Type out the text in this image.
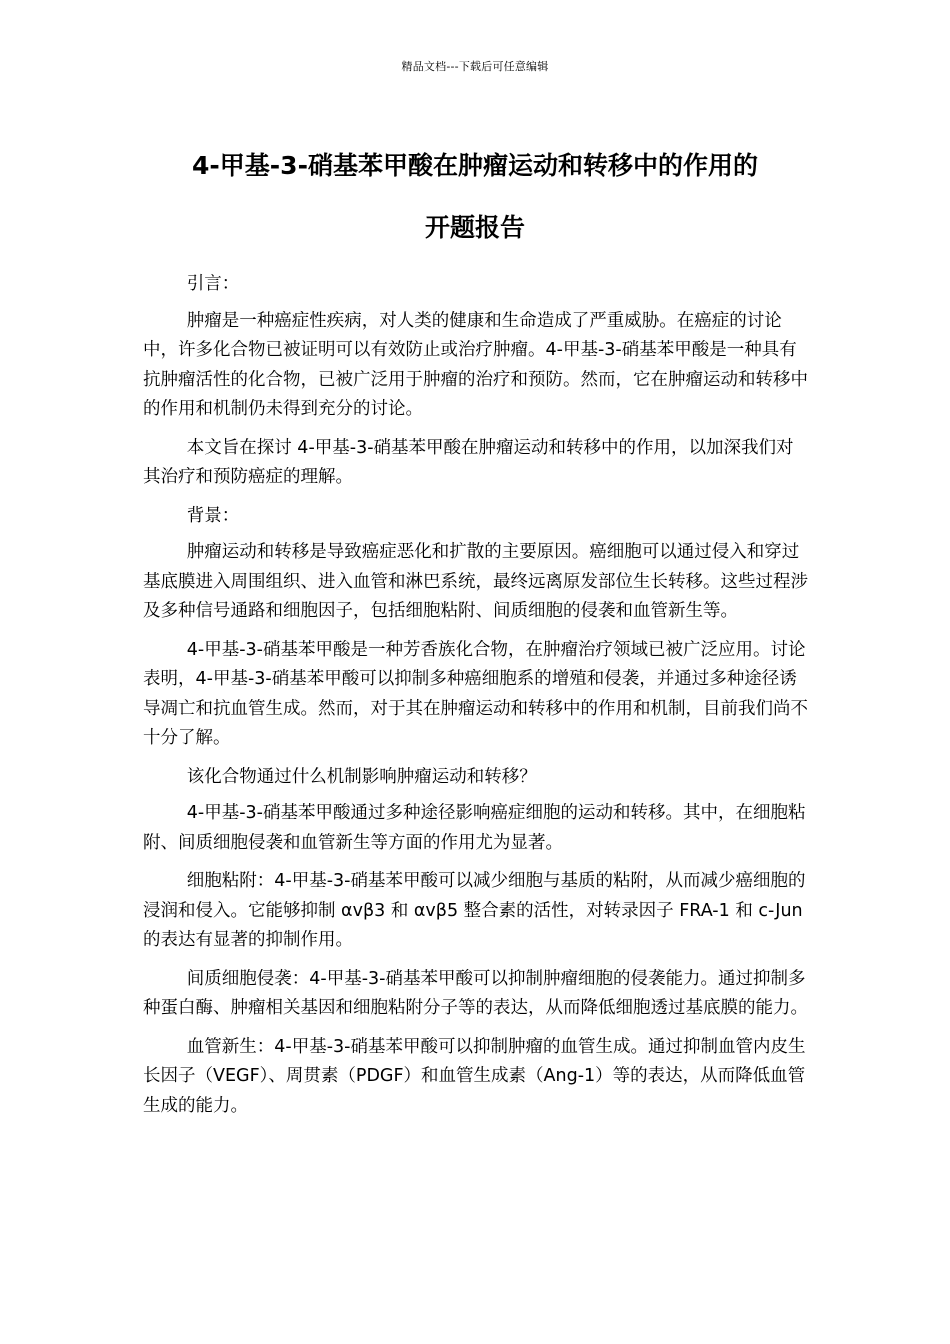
精品文档---下载后可任意编辑
4-甲基-3-硝基苯甲酸在肿瘤运动和转移中的作用的
开题报告

引言：

肿瘤是一种癌症性疾病，对人类的健康和生命造成了严重威胁。在癌症的讨论中，许多化合物已被证明可以有效防止或治疗肿瘤。4-甲基-3-硝基苯甲酸是一种具有抗肿瘤活性的化合物，已被广泛用于肿瘤的治疗和预防。然而，它在肿瘤运动和转移中的作用和机制仍未得到充分的讨论。

本文旨在探讨 4-甲基-3-硝基苯甲酸在肿瘤运动和转移中的作用，以加深我们对其治疗和预防癌症的理解。

背景：

肿瘤运动和转移是导致癌症恶化和扩散的主要原因。癌细胞可以通过侵入和穿过基底膜进入周围组织、进入血管和淋巴系统，最终远离原发部位生长转移。这些过程涉及多种信号通路和细胞因子，包括细胞粘附、间质细胞的侵袭和血管新生等。

4-甲基-3-硝基苯甲酸是一种芳香族化合物，在肿瘤治疗领域已被广泛应用。讨论表明，4-甲基-3-硝基苯甲酸可以抑制多种癌细胞系的增殖和侵袭，并通过多种途径诱导凋亡和抗血管生成。然而，对于其在肿瘤运动和转移中的作用和机制，目前我们尚不十分了解。

该化合物通过什么机制影响肿瘤运动和转移？

4-甲基-3-硝基苯甲酸通过多种途径影响癌症细胞的运动和转移。其中，在细胞粘附、间质细胞侵袭和血管新生等方面的作用尤为显著。

细胞粘附：4-甲基-3-硝基苯甲酸可以减少细胞与基质的粘附，从而减少癌细胞的浸润和侵入。它能够抑制 αvβ3 和 αvβ5 整合素的活性，对转录因子 FRA-1 和 c-Jun 的表达有显著的抑制作用。

间质细胞侵袭：4-甲基-3-硝基苯甲酸可以抑制肿瘤细胞的侵袭能力。通过抑制多种蛋白酶、肿瘤相关基因和细胞粘附分子等的表达，从而降低细胞透过基底膜的能力。

血管新生：4-甲基-3-硝基苯甲酸可以抑制肿瘤的血管生成。通过抑制血管内皮生长因子（VEGF）、周贯素（PDGF）和血管生成素（Ang-1）等的表达，从而降低血管生成的能力。
